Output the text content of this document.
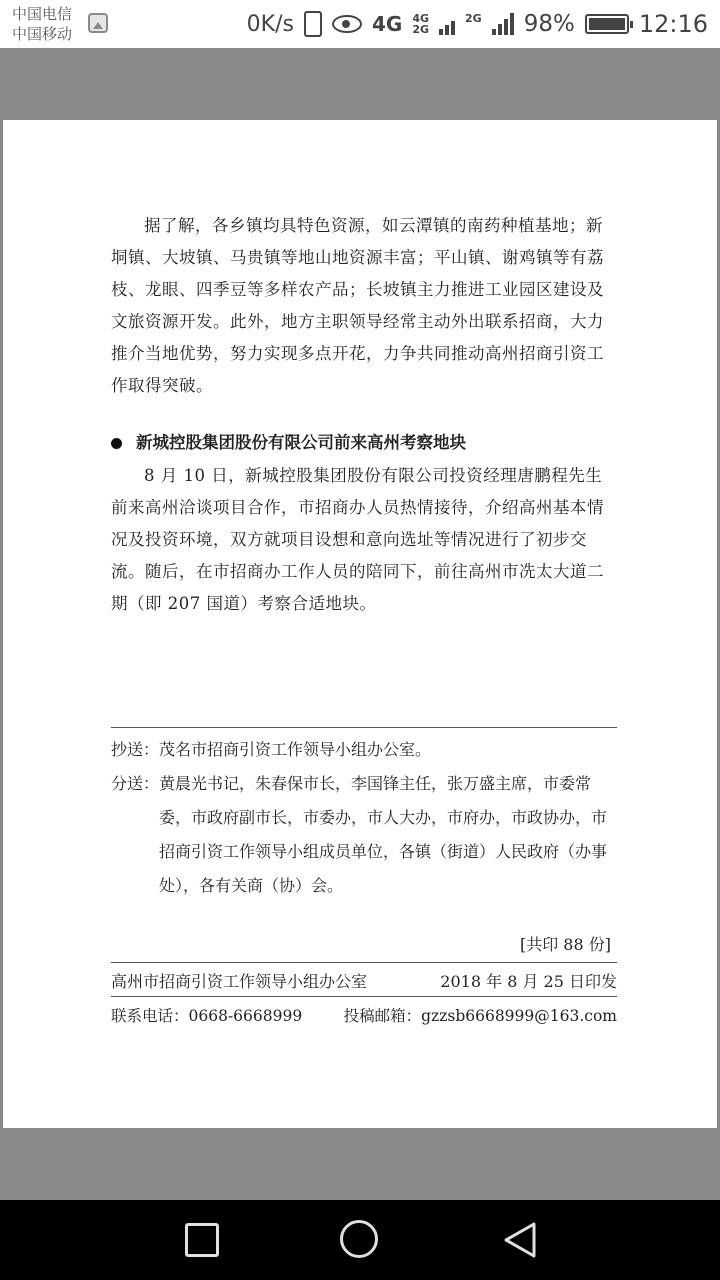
中国电信
中国移动	0K/s	4G 4G
2G
2G
98%	12:16

据了解，各乡镇均具特色资源，如云潭镇的南药种植基地；新垌镇、大坡镇、马贵镇等地山地资源丰富；平山镇、谢鸡镇等有荔枝、龙眼、四季豆等多样农产品；长坡镇主力推进工业园区建设及文旅资源开发。此外，地方主职领导经常主动外出联系招商，大力推介当地优势，努力实现多点开花，力争共同推动高州招商引资工作取得突破。

新城控股集团股份有限公司前来高州考察地块

8 月 10 日，新城控股集团股份有限公司投资经理唐鹏程先生前来高州洽谈项目合作，市招商办人员热情接待，介绍高州基本情况及投资环境，双方就项目设想和意向选址等情况进行了初步交流。随后，在市招商办工作人员的陪同下，前往高州市冼太大道二期（即 207 国道）考察合适地块。

抄送： 茂名市招商引资工作领导小组办公室。
分送： 黄晨光书记，朱春保市长，李国锋主任，张万盛主席，市委常委，市政府副市长，市委办，市人大办，市府办，市政协办，市招商引资工作领导小组成员单位，各镇（街道）人民政府（办事处），各有关商（协）会。
[共印 88 份]
高州市招商引资工作领导小组办公室	2018 年 8 月 25 日印发
联系电话：0668-6668999	投稿邮箱：gzzsb6668999@163.com
